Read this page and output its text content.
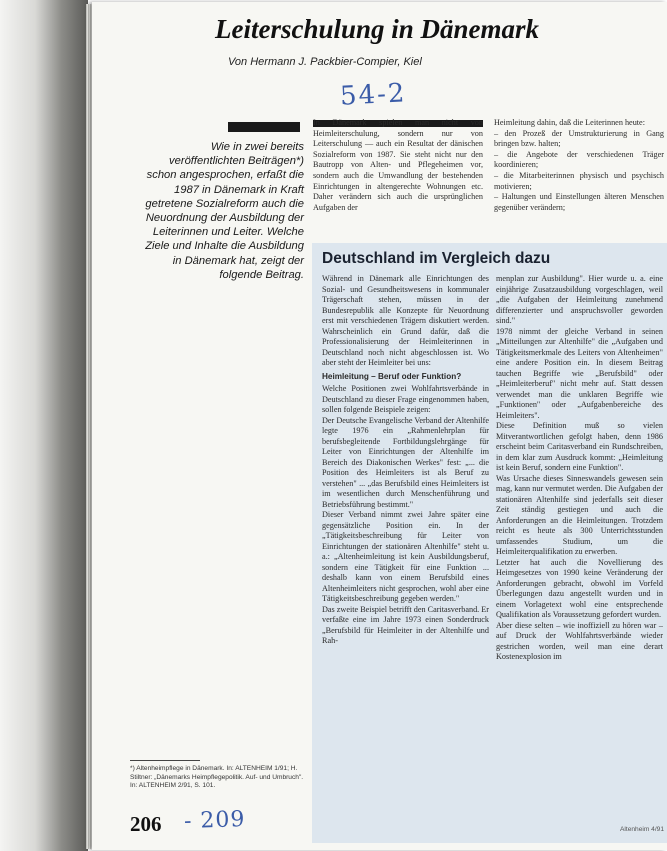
Leiterschulung in Dänemark
Von Hermann J. Packbier-Compier, Kiel
54-2
Wie in zwei bereits veröffentlichten Beiträgen*) schon angesprochen, erfaßt die 1987 in Dänemark in Kraft getretene Sozialreform auch die Neuordnung der Ausbildung der Leiterinnen und Leiter. Welche Ziele und Inhalte die Ausbildung in Dänemark hat, zeigt der folgende Beitrag.
In Dänemark spielen man nicht von Heimleiterschulung, sondern nur von Leiterschulung — auch ein Resultat der dänischen Sozialreform von 1987. Sie steht nicht nur den Bautropp von Alten- und Pflegeheimen vor, sondern auch die Umwandlung der bestehenden Einrichtungen in altengerechte Wohnungen etc. Daher verändern sich auch die ursprünglichen Aufgaben der
Heimleitung dahin, daß die Leiterinnen heute:
– den Prozeß der Umstrukturierung in Gang bringen bzw. halten;
– die Angebote der verschiedenen Träger koordinieren;
– die Mitarbeiterinnen physisch und psychisch motivieren;
– Haltungen und Einstellungen älteren Menschen gegenüber verändern;
Deutschland im Vergleich dazu
Während in Dänemark alle Einrichtungen des Sozial- und Gesundheitswesens in kommunaler Trägerschaft stehen, müssen in der Bundesrepublik alle Konzepte für Neuordnung erst mit verschiedenen Trägern diskutiert werden. Wahrscheinlich ein Grund dafür, daß die Professionalisierung der Heimleiterinnen in Deutschland noch nicht abgeschlossen ist. Wo aber steht der Heimleiter bei uns:
Heimleitung – Beruf oder Funktion?
Welche Positionen zwei Wohlfahrtsverbände in Deutschland zu dieser Frage eingenommen haben, sollen folgende Beispiele zeigen:
Der Deutsche Evangelische Verband der Altenhilfe legte 1976 ein „Rahmenlehrplan für berufsbegleitende Fortbildungslehrgänge für Leiter von Einrichtungen der Altenhilfe im Bereich des Diakonischen Werkes" fest: „... die Position des Heimleiters ist als Beruf zu verstehen" ... „das Berufsbild eines Heimleiters ist im wesentlichen durch Menschenführung und Betriebsführung bestimmt."
Dieser Verband nimmt zwei Jahre später eine gegensätzliche Position ein. In der „Tätigkeitsbeschreibung für Leiter von Einrichtungen der stationären Altenhilfe" steht u. a.: „Altenheimleitung ist kein Ausbildungsberuf, sondern eine Tätigkeit für eine Funktion ... deshalb kann von einem Berufsbild eines Altenheimleiters nicht gesprochen, wohl aber eine Tätigkeitsbeschreibung gegeben werden."
Das zweite Beispiel betrifft den Caritasverband. Er verfaßte eine im Jahre 1973 einen Sonderdruck „Berufsbild für Heimleiter in der Altenhilfe und Rah-
menplan zur Ausbildung". Hier wurde u. a. eine einjährige Zusatzausbildung vorgeschlagen, weil „die Aufgaben der Heimleitung zunehmend differenzierter und anspruchsvoller geworden sind."
1978 nimmt der gleiche Verband in seinen „Mitteilungen zur Altenhilfe" die „Aufgaben und Tätigkeitsmerkmale des Leiters von Altenheimen" eine andere Position ein. In diesem Beitrag tauchen Begriffe wie „Berufsbild" oder „Heimleiterberuf" nicht mehr auf. Statt dessen verwendet man die unklaren Begriffe wie „Funktionen" oder „Aufgabenbereiche des Heimleiters".
Diese Definition muß so vielen Mitverantwortlichen gefolgt haben, denn 1986 erscheint beim Caritasverband ein Rundschreiben, in dem klar zum Ausdruck kommt: „Heimleitung ist kein Beruf, sondern eine Funktion".
Was Ursache dieses Sinneswandels gewesen sein mag, kann nur vermutet werden. Die Aufgaben der stationären Altenhilfe sind jederfalls seit dieser Zeit ständig gestiegen und auch die Anforderungen an die Heimleitungen. Trotzdem reicht es heute als 300 Unterrichtsstunden umfassendes Studium, um die Heimleiterqualifikation zu erwerben.
Letzter hat auch die Novellierung des Heimgesetzes von 1990 keine Veränderung der Anforderungen gebracht, obwohl im Vorfeld Überlegungen dazu angestellt wurden und in einem Vorlagetext wohl eine entsprechende Qualifikation als Voraussetzung gefordert wurden.
Aber diese selten – wie inoffiziell zu hören war – auf Druck der Wohlfahrtsverbände wieder gestrichen worden, weil man eine derart Kostenexplosion im
*) Altenheimpflege in Dänemark. In: ALTENHEIM 1/91; H. Stiltner: „Dänemarks Heimpflegepolitik. Auf- und Umbruch". In: ALTENHEIM 2/91, S. 101.
206 - 209	Altenheim 4/91
